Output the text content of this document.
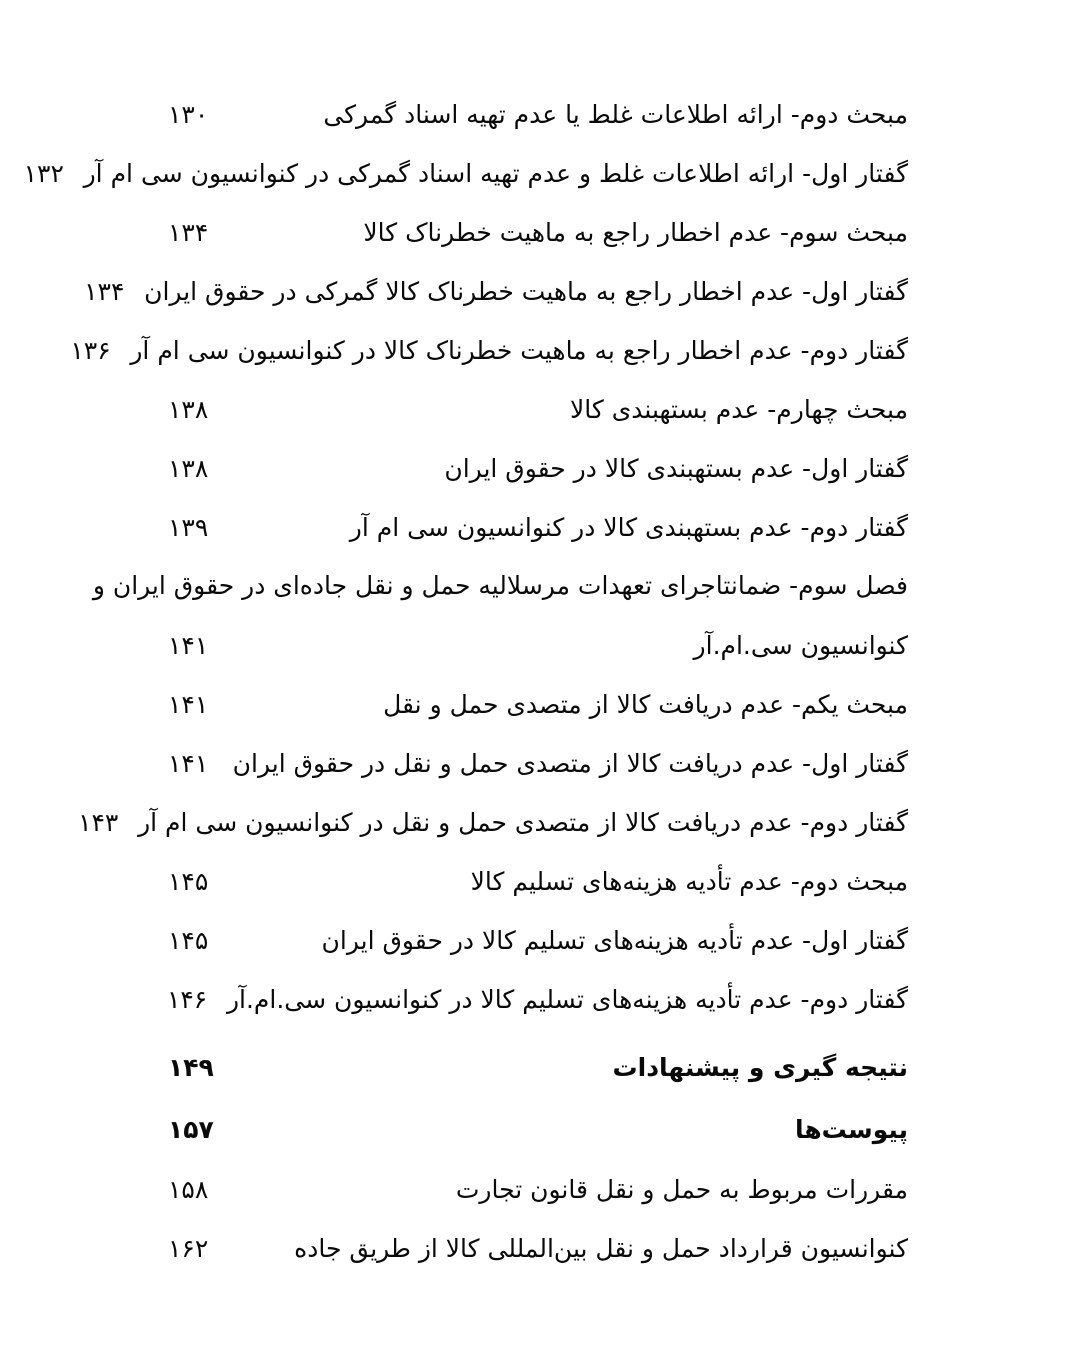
مبحث دوم- ارائه اطلاعات غلط یا عدم تهیه اسناد گمرکی
۱۳۰
گفتار اول- ارائه اطلاعات غلط و عدم تهیه اسناد گمرکی در کنوانسیون سی ام آر
۱۳۲
مبحث سوم- عدم اخطار راجع به ماهیت خطرناک کالا
۱۳۴
گفتار اول- عدم اخطار راجع به ماهیت خطرناک کالا گمرکی در حقوق ایران
۱۳۴
گفتار دوم- عدم اخطار راجع به ماهیت خطرناک کالا در کنوانسیون سی ام آر
۱۳۶
مبحث چهارم- عدم بستهبندی کالا
۱۳۸
گفتار اول- عدم بستهبندی کالا در حقوق ایران
۱۳۸
گفتار دوم- عدم بستهبندی کالا در کنوانسیون سی ام آر
۱۳۹
فصل سوم- ضمانتاجرای تعهدات مرسلالیه حمل و نقل جاده‌ای در حقوق ایران و
کنوانسیون سی.ام.آر
۱۴۱
مبحث یکم- عدم دریافت کالا از متصدی حمل و نقل
۱۴۱
گفتار اول- عدم دریافت کالا از متصدی حمل و نقل در حقوق ایران
۱۴۱
گفتار دوم- عدم دریافت کالا از متصدی حمل و نقل در کنوانسیون سی ام آر
۱۴۳
مبحث دوم- عدم تأدیه هزینه‌های تسلیم کالا
۱۴۵
گفتار اول- عدم تأدیه هزینه‌های تسلیم کالا در حقوق ایران
۱۴۵
گفتار دوم- عدم تأدیه هزینه‌های تسلیم کالا در کنوانسیون سی.ام.آر
۱۴۶
نتیجه گیری و پیشنهادات
۱۴۹
پیوست‌ها
۱۵۷
مقررات مربوط به حمل و نقل قانون تجارت
۱۵۸
کنوانسیون قرارداد حمل و نقل بین‌المللی کالا از طریق جاده
۱۶۲
